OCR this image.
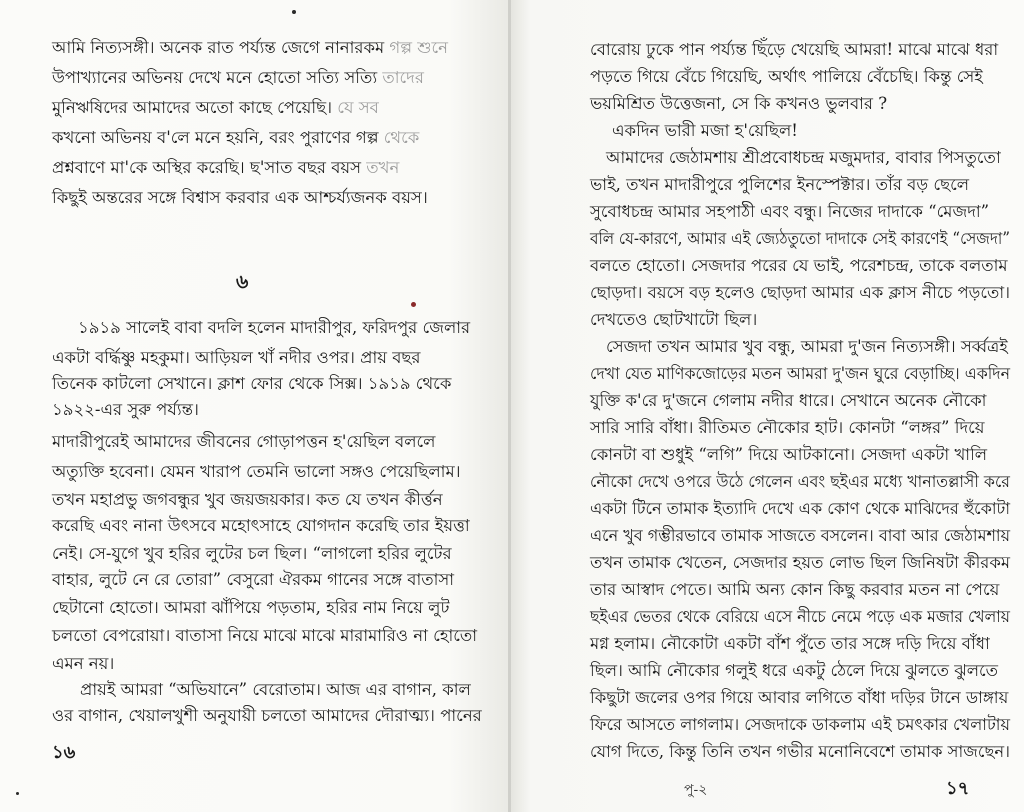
আমি নিত্যসঙ্গী। অনেক রাত পর্য্যন্ত জেগে নানারকম গল্প শুনে
উপাখ্যানের অভিনয় দেখে মনে হোতো সত্যি সত্যি তাদের
মুনিঋষিদের আমাদের অতো কাছে পেয়েছি। যে সব
কখনো অভিনয় ব'লে মনে হয়নি, বরং পুরাণের গল্প থেকে
প্রশ্নবাণে মা'কে অস্থির করেছি। ছ'সাত বছর বয়স তখন
কিছুই অন্তরের সঙ্গে বিশ্বাস করবার এক আশ্চর্য্যজনক বয়স।
৬
১৯১৯ সালেই বাবা বদলি হলেন মাদারীপুর, ফরিদপুর জেলার
একটা বর্দ্ধিষ্ণু মহকুমা। আড়িয়ল খাঁ নদীর ওপর। প্রায় বছর
তিনেক কাটলো সেখানে। ক্লাশ ফোর থেকে সিক্স। ১৯১৯ থেকে
১৯২২-এর সুরু পর্য্যন্ত।
মাদারীপুরেই আমাদের জীবনের গোড়াপত্তন হ'য়েছিল বললে
অত্যুক্তি হবেনা। যেমন খারাপ তেমনি ভালো সঙ্গও পেয়েছিলাম।
তখন মহাপ্রভু জগবন্ধুর খুব জয়জয়কার। কত যে তখন কীর্ত্তন
করেছি এবং নানা উৎসবে মহোৎসাহে যোগদান করেছি তার ইয়ত্তা
নেই। সে-যুগে খুব হরির লুটের চল ছিল। “লাগলো হরির লুটের
বাহার, লুটে নে রে তোরা” বেসুরো ঐরকম গানের সঙ্গে বাতাসা
ছেটানো হোতো। আমরা ঝাঁপিয়ে পড়তাম, হরির নাম নিয়ে লুট
চলতো বেপরোয়া। বাতাসা নিয়ে মাঝে মাঝে মারামারিও না হোতো
এমন নয়।
প্রায়ই আমরা “অভিযানে” বেরোতাম। আজ এর বাগান, কাল
ওর বাগান, খেয়ালখুশী অনুযায়ী চলতো আমাদের দৌরাত্ম্য। পানের
১৬
বোরোয় ঢুকে পান পর্য্যন্ত ছিঁড়ে খেয়েছি আমরা! মাঝে মাঝে ধরা
পড়তে গিয়ে বেঁচে গিয়েছি, অর্থাৎ পালিয়ে বেঁচেছি। কিন্তু সেই
ভয়মিশ্রিত উত্তেজনা, সে কি কখনও ভুলবার ?
একদিন ভারী মজা হ'য়েছিল!
আমাদের জেঠামশায় শ্রীপ্রবোধচন্দ্র মজুমদার, বাবার পিসতুতো
ভাই, তখন মাদারীপুরে পুলিশের ইনস্পেক্টার। তাঁর বড় ছেলে
সুবোধচন্দ্র আমার সহপাঠী এবং বন্ধু। নিজের দাদাকে “মেজদা”
বলি যে-কারণে, আমার এই জ্যেঠতুতো দাদাকে সেই কারণেই “সেজদা”
বলতে হোতো। সেজদার পরের যে ভাই, পরেশচন্দ্র, তাকে বলতাম
ছোড়দা। বয়সে বড় হলেও ছোড়দা আমার এক ক্লাস নীচে পড়তো।
দেখতেও ছোটখাটো ছিল।
সেজদা তখন আমার খুব বন্ধু, আমরা দু'জন নিত্যসঙ্গী। সর্ব্বত্রই
দেখা যেত মাণিকজোড়ের মতন আমরা দু'জন ঘুরে বেড়াচ্ছি। একদিন
যুক্তি ক'রে দু'জনে গেলাম নদীর ধারে। সেখানে অনেক নৌকো
সারি সারি বাঁধা। রীতিমত নৌকোর হাট। কোনটা “লঙ্গর” দিয়ে
কোনটা বা শুধুই “লগি” দিয়ে আটকানো। সেজদা একটা খালি
নৌকো দেখে ওপরে উঠে গেলেন এবং ছইএর মধ্যে খানাতল্লাসী করে
একটা টিনে তামাক ইত্যাদি দেখে এক কোণ থেকে মাঝিদের হুঁকোটা
এনে খুব গম্ভীরভাবে তামাক সাজতে বসলেন। বাবা আর জেঠামশায়
তখন তামাক খেতেন, সেজদার হয়ত লোভ ছিল জিনিষটা কীরকম
তার আস্বাদ পেতে। আমি অন্য কোন কিছু করবার মতন না পেয়ে
ছইএর ভেতর থেকে বেরিয়ে এসে নীচে নেমে পড়ে এক মজার খেলায়
মগ্ন হলাম। নৌকোটা একটা বাঁশ পুঁতে তার সঙ্গে দড়ি দিয়ে বাঁধা
ছিল। আমি নৌকোর গলুই ধরে একটু ঠেলে দিয়ে ঝুলতে ঝুলতে
কিছুটা জলের ওপর গিয়ে আবার লগিতে বাঁধা দড়ির টানে ডাঙ্গায়
ফিরে আসতে লাগলাম। সেজদাকে ডাকলাম এই চমৎকার খেলাটায়
যোগ দিতে, কিন্তু তিনি তখন গভীর মনোনিবেশে তামাক সাজছেন।
পু-২	১৭
